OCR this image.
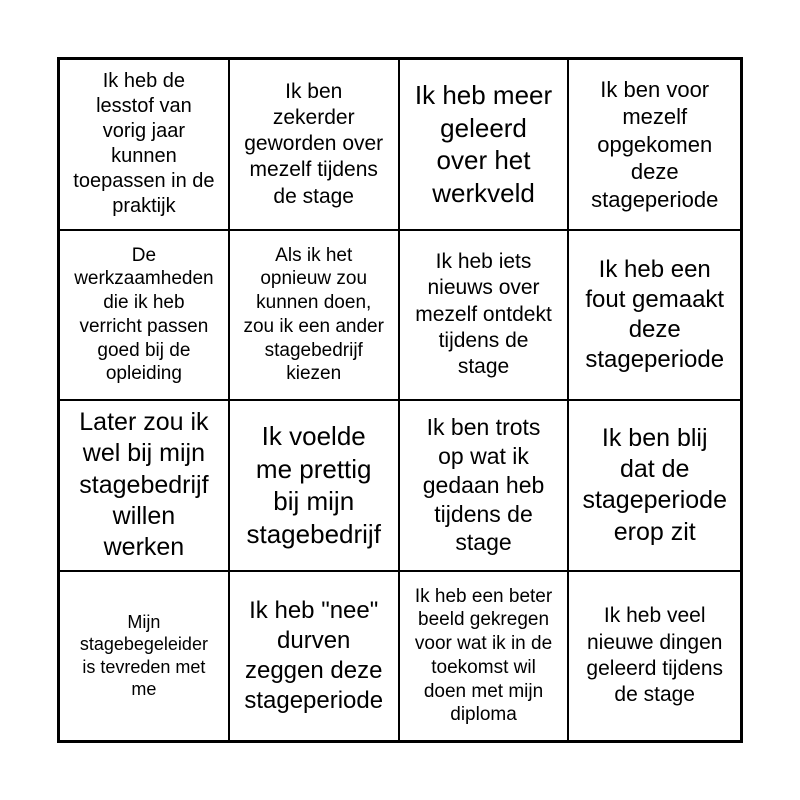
Ik heb de lesstof van vorig jaar kunnen toepassen in de praktijk
Ik ben zekerder geworden over mezelf tijdens de stage
Ik heb meer geleerd over het werkveld
Ik ben voor mezelf opgekomen deze stageperiode
De werkzaamheden die ik heb verricht passen goed bij de opleiding
Als ik het opnieuw zou kunnen doen, zou ik een ander stagebedrijf kiezen
Ik heb iets nieuws over mezelf ontdekt tijdens de stage
Ik heb een fout gemaakt deze stageperiode
Later zou ik wel bij mijn stagebedrijf willen werken
Ik voelde me prettig bij mijn stagebedrijf
Ik ben trots op wat ik gedaan heb tijdens de stage
Ik ben blij dat de stageperiode erop zit
Mijn stagebegeleider is tevreden met me
Ik heb "nee" durven zeggen deze stageperiode
Ik heb een beter beeld gekregen voor wat ik in de toekomst wil doen met mijn diploma
Ik heb veel nieuwe dingen geleerd tijdens de stage
